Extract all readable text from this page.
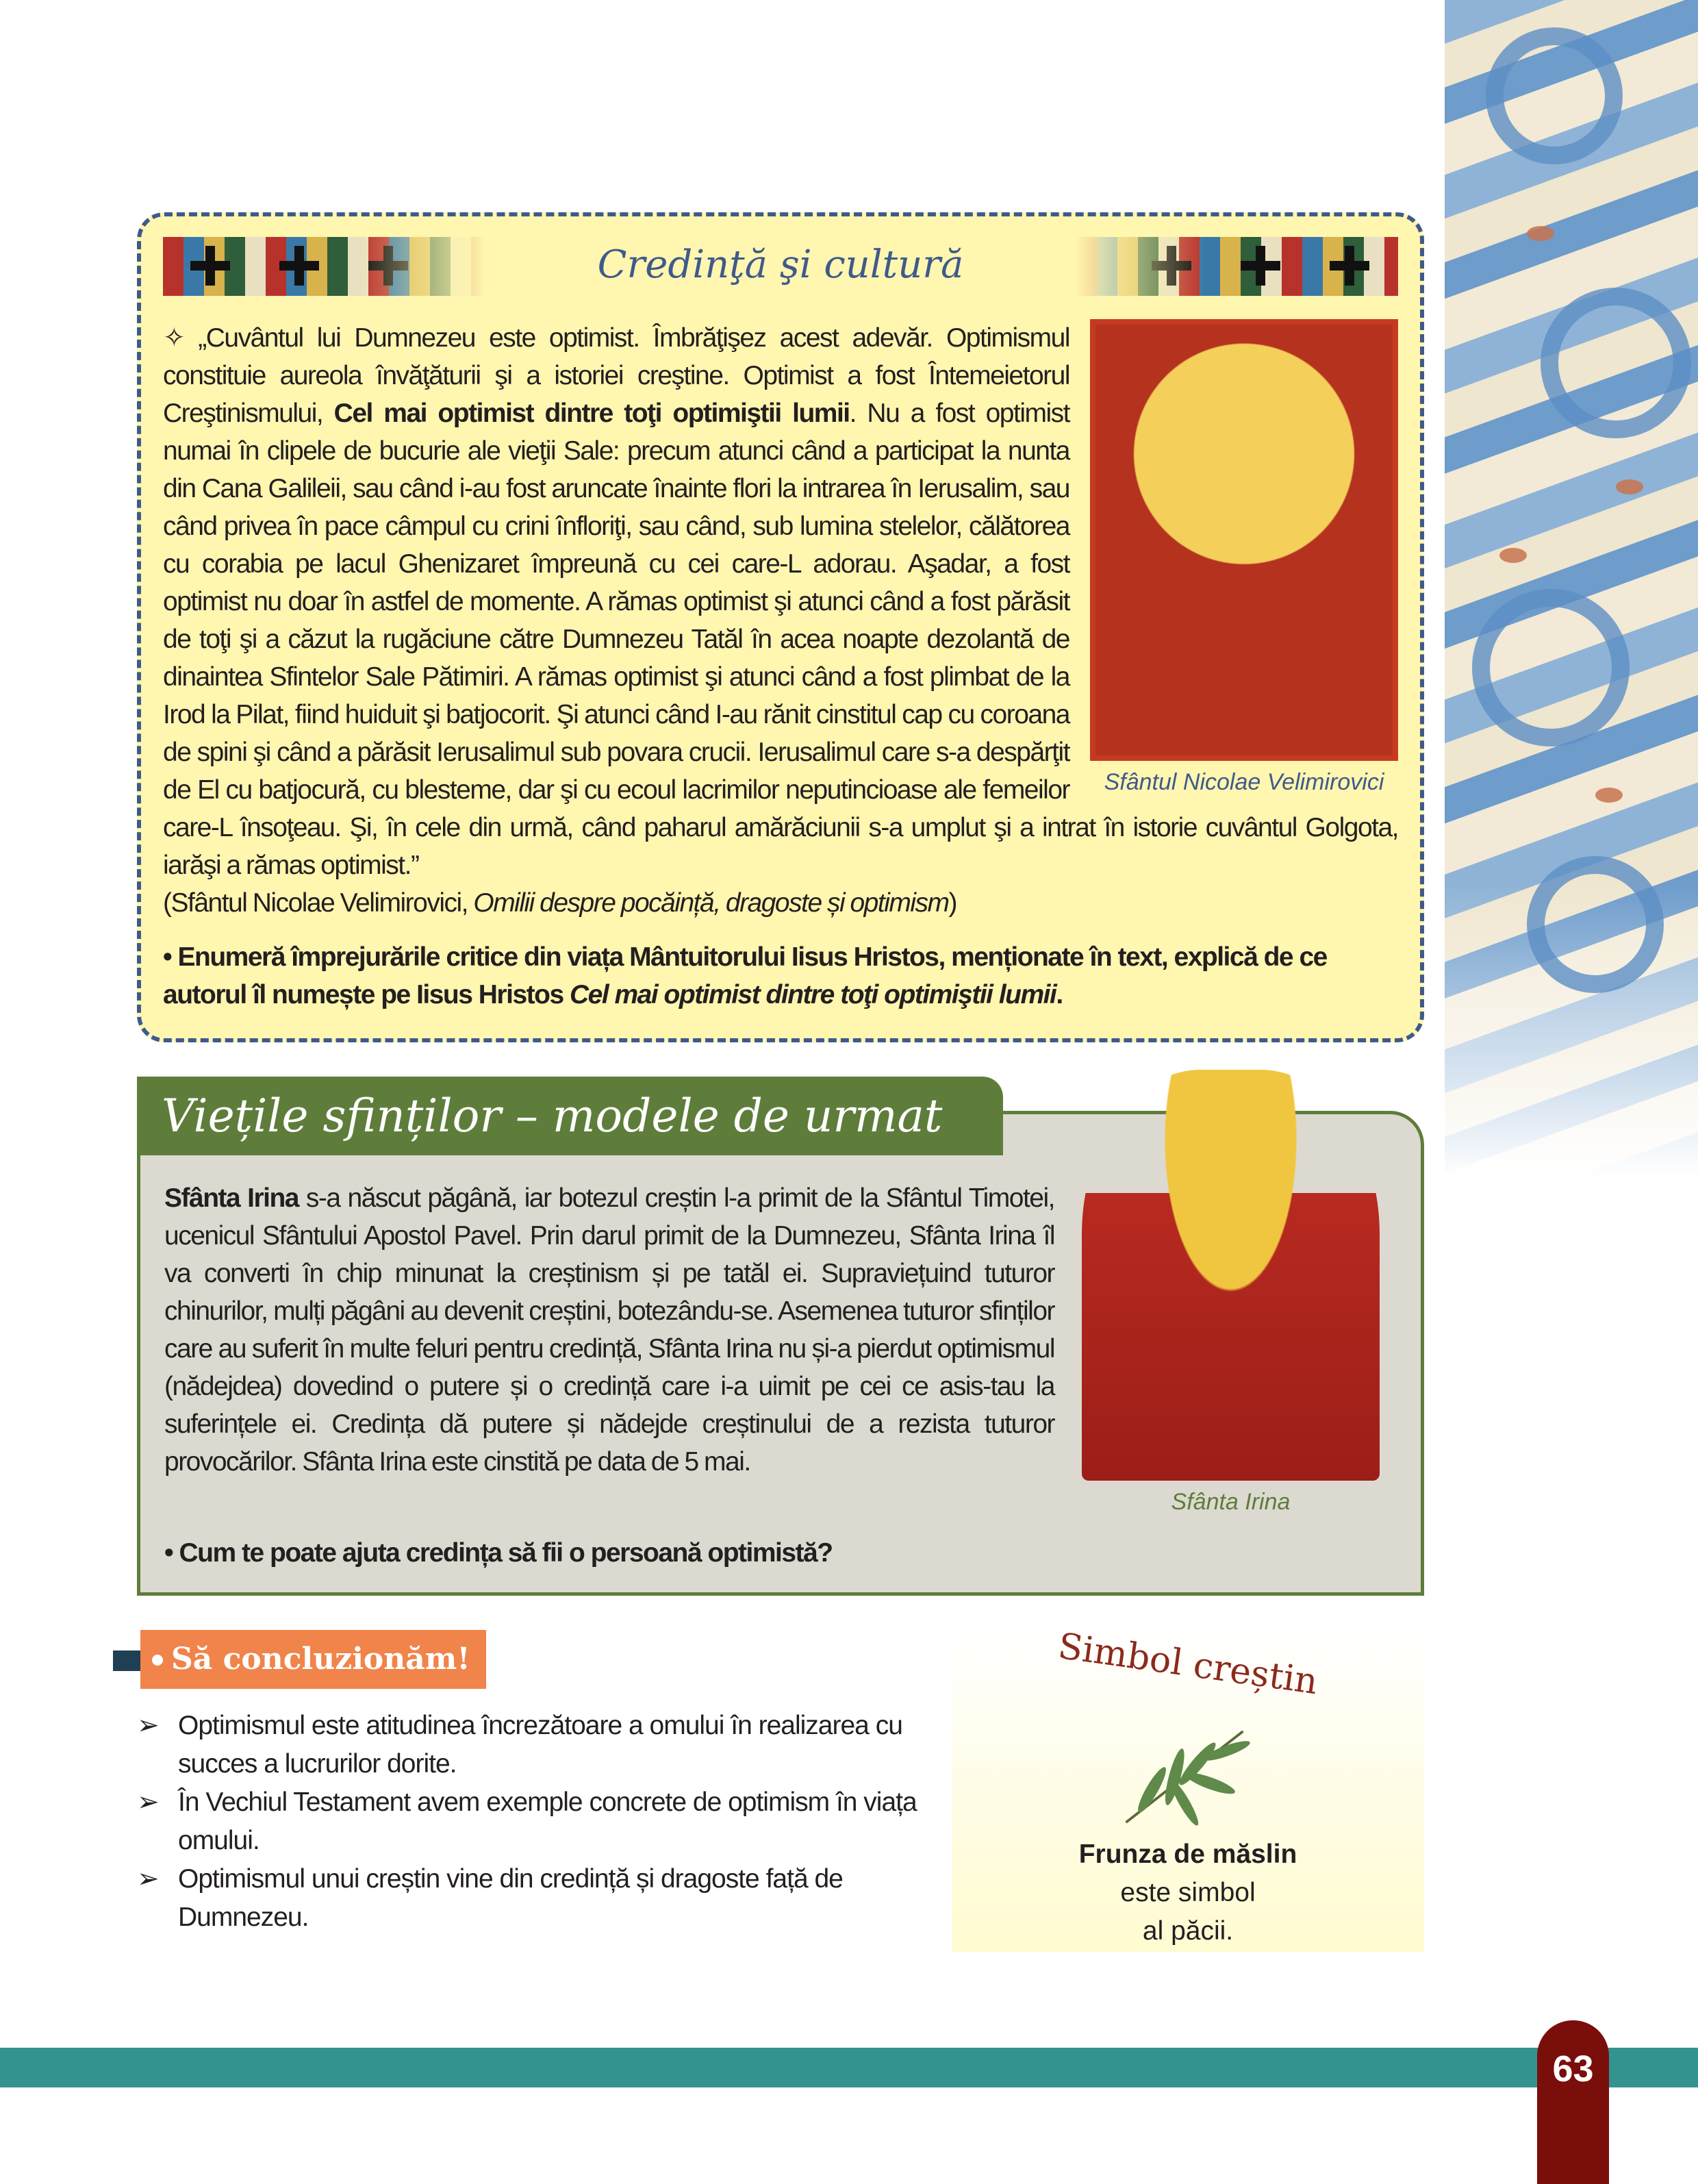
Credinţă şi cultură
Sfântul Nicolae Velimirovici
✧ „Cuvântul lui Dumnezeu este optimist. Îmbrăţişez acest adevăr. Optimismul constituie aureola învăţăturii şi a istoriei creştine. Optimist a fost Întemeietorul Creştinismului, Cel mai optimist dintre toţi optimiştii lumii. Nu a fost optimist numai în clipele de bucurie ale vieţii Sale: precum atunci când a participat la nunta din Cana Galileii, sau când i-au fost aruncate înainte flori la intrarea în Ierusalim, sau când privea în pace câmpul cu crini înfloriţi, sau când, sub lumina stelelor, călătorea cu corabia pe lacul Ghenizaret împreună cu cei care-L adorau. Aşadar, a fost optimist nu doar în astfel de momente. A rămas optimist şi atunci când a fost părăsit de toţi şi a căzut la rugăciune către Dumnezeu Tatăl în acea noapte dezolantă de dinaintea Sfintelor Sale Pătimiri. A rămas optimist şi atunci când a fost plimbat de la Irod la Pilat, fiind huiduit şi batjocorit. Şi atunci când I-au rănit cinstitul cap cu coroana de spini şi când a părăsit Ierusalimul sub povara crucii. Ierusalimul care s-a despărţit de El cu batjocură, cu blesteme, dar şi cu ecoul lacrimilor neputincioase ale femeilor care-L însoţeau. Şi, în cele din urmă, când paharul amărăciunii s-a umplut şi a intrat în istorie cuvântul Golgota, iarăşi a rămas optimist.”
(Sfântul Nicolae Velimirovici, Omilii despre pocăință, dragoste și optimism)
• Enumeră împrejurările critice din viața Mântuitorului Iisus Hristos, menționate în text, explică de ce autorul îl numește pe Iisus Hristos Cel mai optimist dintre toţi optimiştii lumii.
Viețile sfinților – modele de urmat
Sfânta Irina
Sfânta Irina s-a născut păgână, iar botezul creștin l-a primit de la Sfântul Timotei, ucenicul Sfântului Apostol Pavel. Prin darul primit de la Dumnezeu, Sfânta Irina îl va converti în chip minunat la creștinism și pe tatăl ei. Supraviețuind tuturor chinurilor, mulți păgâni au devenit creștini, botezându-se. Asemenea tuturor sfinților care au suferit în multe feluri pentru credință, Sfânta Irina nu și-a pierdut optimismul (nădejdea) dovedind o putere și o credință care i-a uimit pe cei ce asis-tau la suferințele ei. Credința dă putere și nădejde creștinului de a rezista tuturor provocărilor. Sfânta Irina este cinstită pe data de 5 mai.
• Cum te poate ajuta credința să fii o persoană optimistă?
Să concluzionăm!
➢ Optimismul este atitudinea încrezătoare a omului în realizarea cu succes a lucrurilor dorite.
➢ În Vechiul Testament avem exemple concrete de optimism în viața omului.
➢ Optimismul unui creștin vine din credință și dragoste față de Dumnezeu.
Simbol creștin
Frunza de măslin
este simbol
al păcii.
63
